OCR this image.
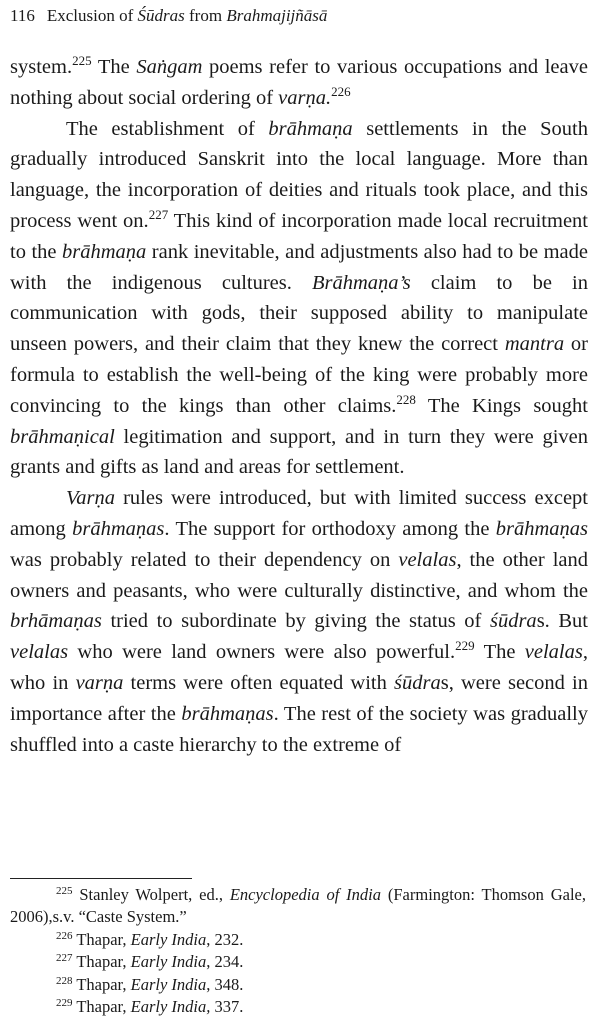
116 Exclusion of Śūdras from Brahmajijñāsā

system.$^{225}$ The Saṅgam poems refer to various occupations and leave nothing about social ordering of varṇa.$^{226}$

The establishment of brāhmaṇa settlements in the South gradually introduced Sanskrit into the local language. More than language, the incorporation of deities and rituals took place, and this process went on.$^{227}$ This kind of incorporation made local recruitment to the brāhmaṇa rank inevitable, and adjustments also had to be made with the indigenous cultures. Brāhmaṇa’s claim to be in communication with gods, their supposed ability to manipulate unseen powers, and their claim that they knew the correct mantra or formula to establish the well-being of the king were probably more convincing to the kings than other claims.$^{228}$ The Kings sought brāhmaṇical legitimation and support, and in turn they were given grants and gifts as land and areas for settlement.

Varṇa rules were introduced, but with limited success except among brāhmaṇas. The support for orthodoxy among the brāhmaṇas was probably related to their dependency on velalas, the other land owners and peasants, who were culturally distinctive, and whom the brhāmaṇas tried to subordinate by giving the status of śūdras. But velalas who were land owners were also powerful.$^{229}$ The velalas, who in varṇa terms were often equated with śūdras, were second in importance after the brāhmaṇas. The rest of the society was gradually shuffled into a caste hierarchy to the extreme of

$^{225}$ Stanley Wolpert, ed., Encyclopedia of India (Farmington: Thomson Gale, 2006),s.v. “Caste System.”

$^{226}$ Thapar, Early India, 232.

$^{227}$ Thapar, Early India, 234.

$^{228}$ Thapar, Early India, 348.

$^{229}$ Thapar, Early India, 337.
